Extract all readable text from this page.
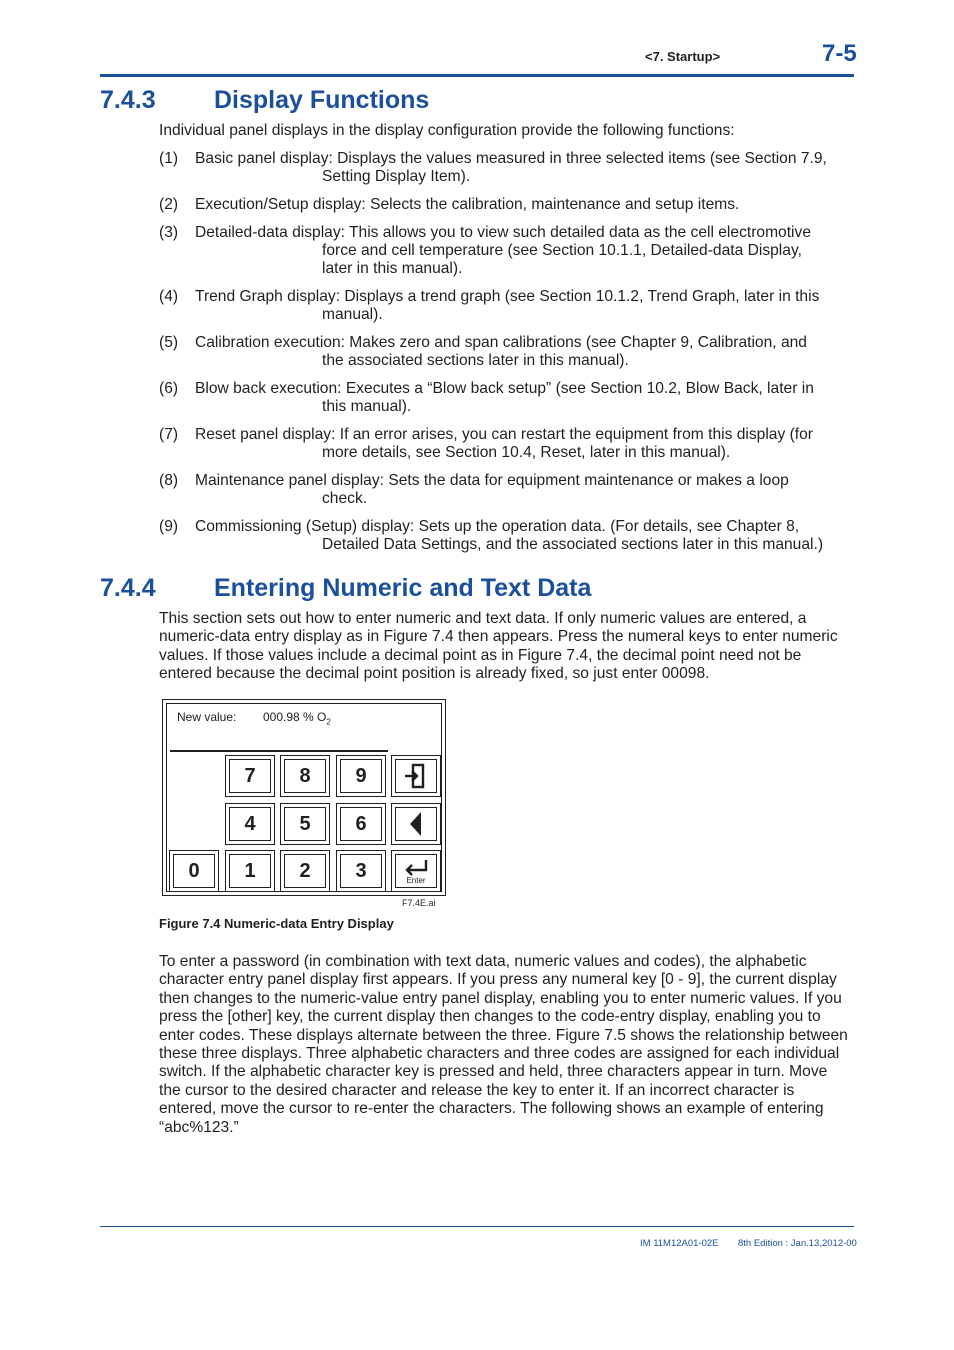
<7. Startup>	7-5
7.4.3 Display Functions
Individual panel displays in the display configuration provide the following functions:
(1) Basic panel display: Displays the values measured in three selected items (see Section 7.9,
Setting Display Item).
(2) Execution/Setup display: Selects the calibration, maintenance and setup items.
(3) Detailed-data display: This allows you to view such detailed data as the cell electromotive
force and cell temperature (see Section 10.1.1, Detailed-data Display, later in this manual).
(4) Trend Graph display: Displays a trend graph (see Section 10.1.2, Trend Graph, later in this
manual).
(5) Calibration execution: Makes zero and span calibrations (see Chapter 9, Calibration, and
the associated sections later in this manual).
(6) Blow back execution: Executes a “Blow back setup” (see Section 10.2, Blow Back, later in
this manual).
(7) Reset panel display: If an error arises, you can restart the equipment from this display (for
more details, see Section 10.4, Reset, later in this manual).
(8) Maintenance panel display: Sets the data for equipment maintenance or makes a loop
check.
(9) Commissioning (Setup) display: Sets up the operation data. (For details, see Chapter 8,
Detailed Data Settings, and the associated sections later in this manual.)
7.4.4 Entering Numeric and Text Data
This section sets out how to enter numeric and text data. If only numeric values are entered, a numeric-data entry display as in Figure 7.4 then appears. Press the numeral keys to enter numeric values. If those values include a decimal point as in Figure 7.4, the decimal point need not be entered because the decimal point position is already fixed, so just enter 00098.
New value: 000.98 % $O_2$
7	8	9
4	5	6
0	1	2	3	Enter
F7.4E.ai
Figure 7.4 Numeric-data Entry Display
To enter a password (in combination with text data, numeric values and codes), the alphabetic character entry panel display first appears. If you press any numeral key [0 - 9], the current display then changes to the numeric-value entry panel display, enabling you to enter numeric values. If you press the [other] key, the current display then changes to the code-entry display, enabling you to enter codes. These displays alternate between the three. Figure 7.5 shows the relationship between these three displays. Three alphabetic characters and three codes are assigned for each individual switch. If the alphabetic character key is pressed and held, three characters appear in turn. Move the cursor to the desired character and release the key to enter it. If an incorrect character is entered, move the cursor to re-enter the characters. The following shows an example of entering “abc%123.”
IM 11M12A01-02E 8th Edition : Jan.13,2012-00
